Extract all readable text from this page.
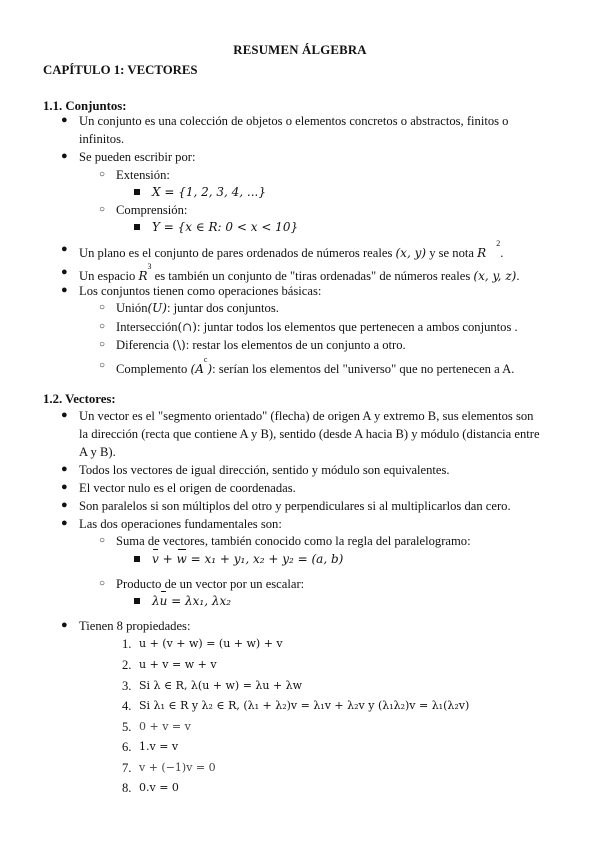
RESUMEN ÁLGEBRA
CAPÍTULO 1: VECTORES
1.1. Conjuntos:
● Un conjunto es una colección de objetos o elementos concretos o abstractos, finitos o
infinitos.
● Se pueden escribir por:
○ Extensión:
X = {1, 2, 3, 4, ...}
○ Comprensión:
Y = {x ∈ R: 0 < x < 10}
● Un plano es el conjunto de pares ordenados de números reales (x, y) y se nota $R^2$.
● Un espacio $R^3$ es también un conjunto de "tiras ordenadas" de números reales (x, y, z).
● Los conjuntos tienen como operaciones básicas:
○ Unión(U): juntar dos conjuntos.
○ Intersección(∩): juntar todos los elementos que pertenecen a ambos conjuntos .
○ Diferencia (\): restar los elementos de un conjunto a otro.
○ Complemento $(A^c)$: serían los elementos del "universo" que no pertenecen a A.
1.2. Vectores:
● Un vector es el "segmento orientado" (flecha) de origen A y extremo B, sus elementos son
la dirección (recta que contiene A y B), sentido (desde A hacia B) y módulo (distancia entre
A y B).
● Todos los vectores de igual dirección, sentido y módulo son equivalentes.
● El vector nulo es el origen de coordenadas.
● Son paralelos si son múltiplos del otro y perpendiculares si al multiplicarlos dan cero.
● Las dos operaciones fundamentales son:
○ Suma de vectores, también conocido como la regla del paralelogramo:
v + w = x₁ + y₁, x₂ + y₂ = (a, b)
○ Producto de un vector por un escalar:
λu = λx₁, λx₂
● Tienen 8 propiedades:
1. u + (v + w) = (u + w) + v
2. u + v = w + v
3. Si λ ∈ R, λ(u + w) = λu + λw
4. Si λ₁ ∈ R y λ₂ ∈ R, (λ₁ + λ₂)v = λ₁v + λ₂v y (λ₁λ₂)v = λ₁(λ₂v)
5. 0 + v = v
6. 1.v = v
7. v + (−1)v = 0
8. 0.v = 0
